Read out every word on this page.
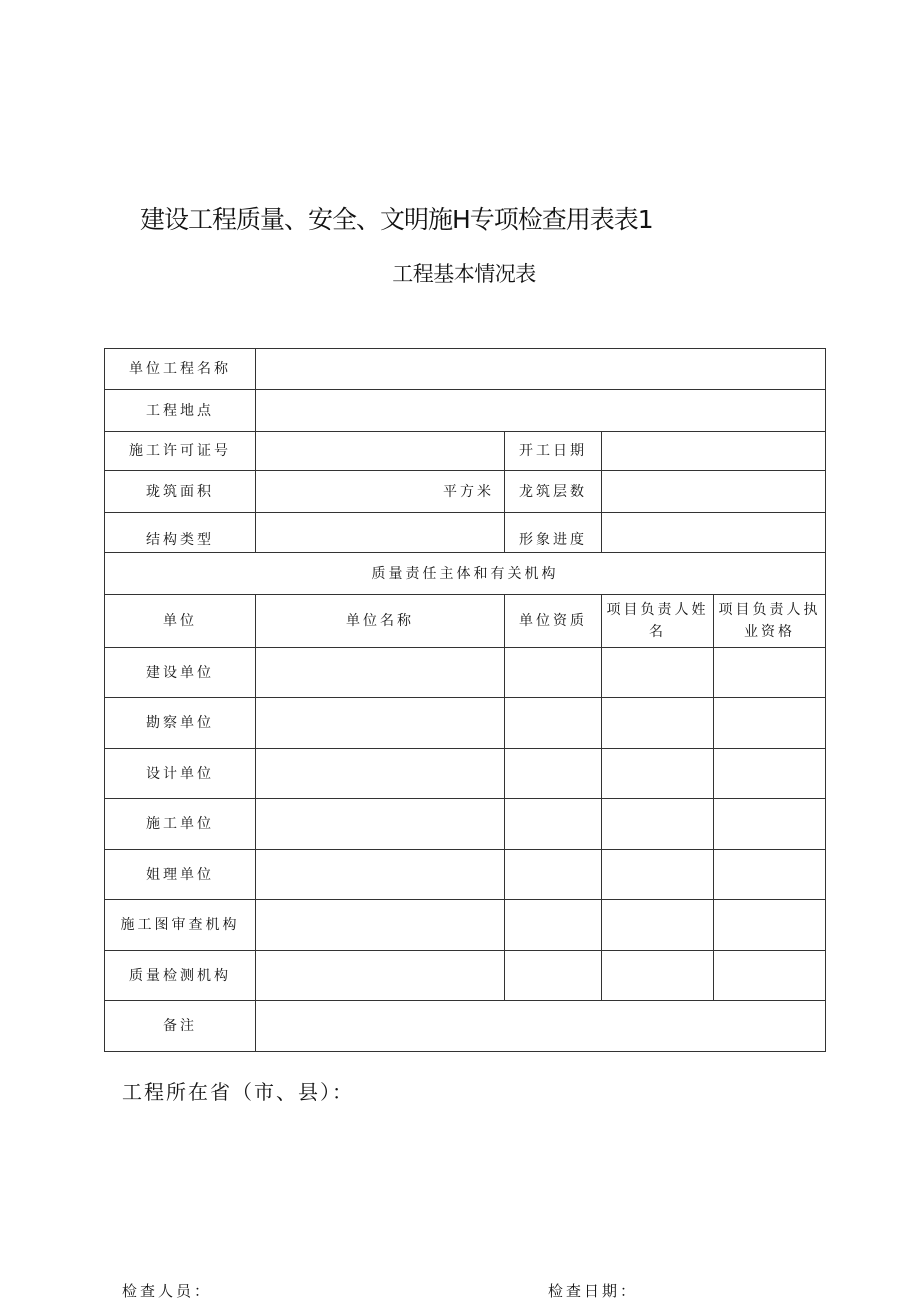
建设工程质量、安全、文明施H专项检查用表表1
工程基本情况表
单位工程名称				
工程地点				
施工许可证号		开工日期		
珑筑面积	平方米	龙筑层数		
结构类型		形象进度		
质量责任主体和有关机构				
单位	单位名称	单位资质	项目负责人姓名	项目负责人执业资格
建设单位				
勘察单位				
设计单位				
施工单位				
姐理单位				
施工图审查机构				
质量检测机构				
备注				
工程所在省（市、县）：
检查人员：	检查日期：
